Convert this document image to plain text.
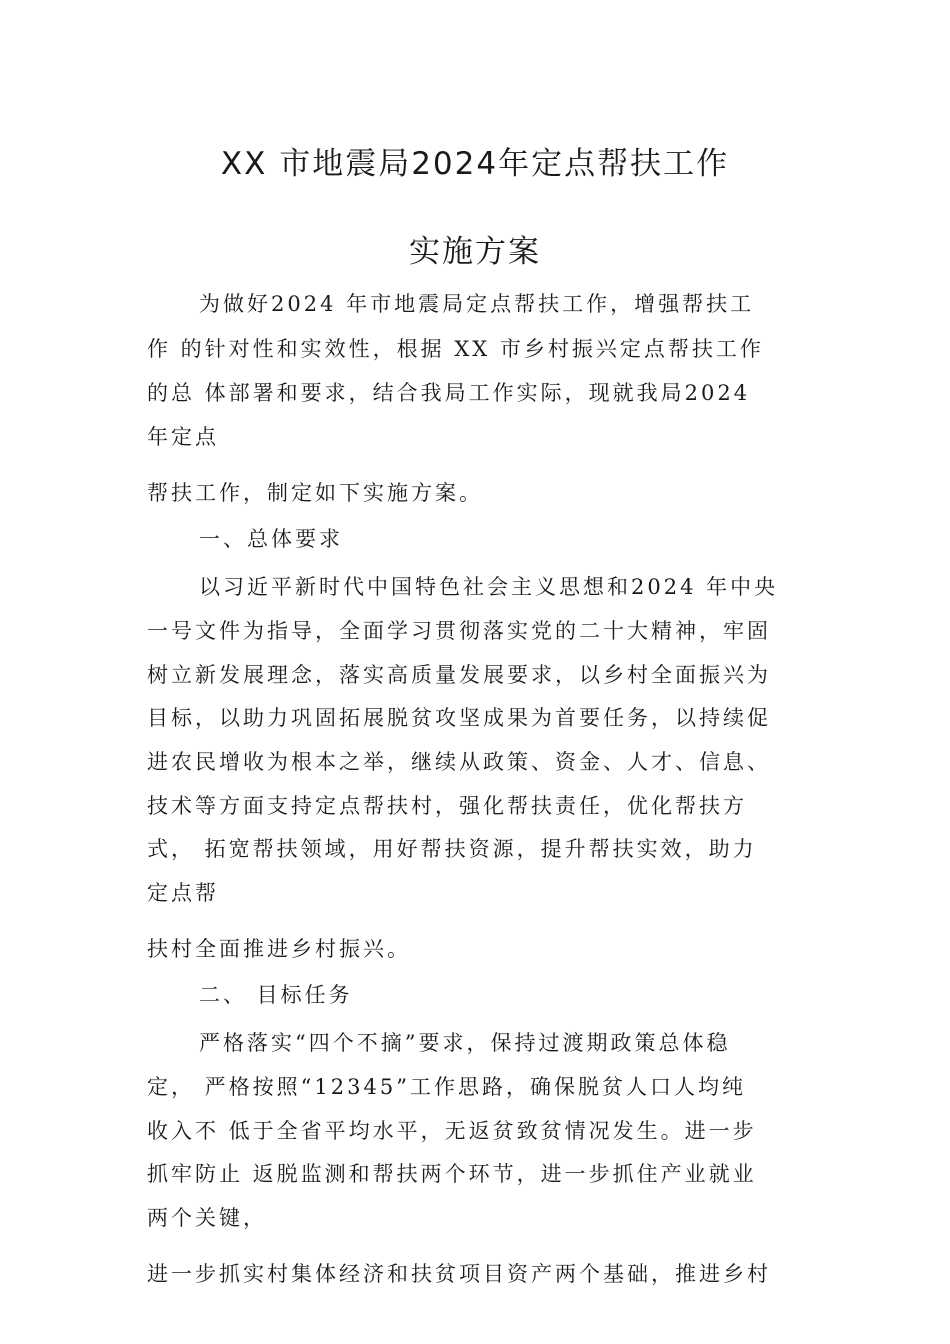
XX 市地震局2024年定点帮扶工作
实施方案

为做好2024 年市地震局定点帮扶工作，增强帮扶工

作 的针对性和实效性，根据 XX 市乡村振兴定点帮扶工作

的总 体部署和要求，结合我局工作实际，现就我局2024

年定点

帮扶工作，制定如下实施方案。

一、总体要求

以习近平新时代中国特色社会主义思想和2024 年中央

一号文件为指导，全面学习贯彻落实党的二十大精神，牢固

树立新发展理念，落实高质量发展要求，以乡村全面振兴为

目标，以助力巩固拓展脱贫攻坚成果为首要任务，以持续促

进农民增收为根本之举，继续从政策、资金、人才、信息、

技术等方面支持定点帮扶村，强化帮扶责任，优化帮扶方

式， 拓宽帮扶领域，用好帮扶资源，提升帮扶实效，助力

定点帮

扶村全面推进乡村振兴。

二、 目标任务

严格落实“四个不摘”要求，保持过渡期政策总体稳

定， 严格按照“12345”工作思路，确保脱贫人口人均纯

收入不 低于全省平均水平，无返贫致贫情况发生。进一步

抓牢防止 返脱监测和帮扶两个环节，进一步抓住产业就业

两个关键，

进一步抓实村集体经济和扶贫项目资产两个基础，推进乡村
